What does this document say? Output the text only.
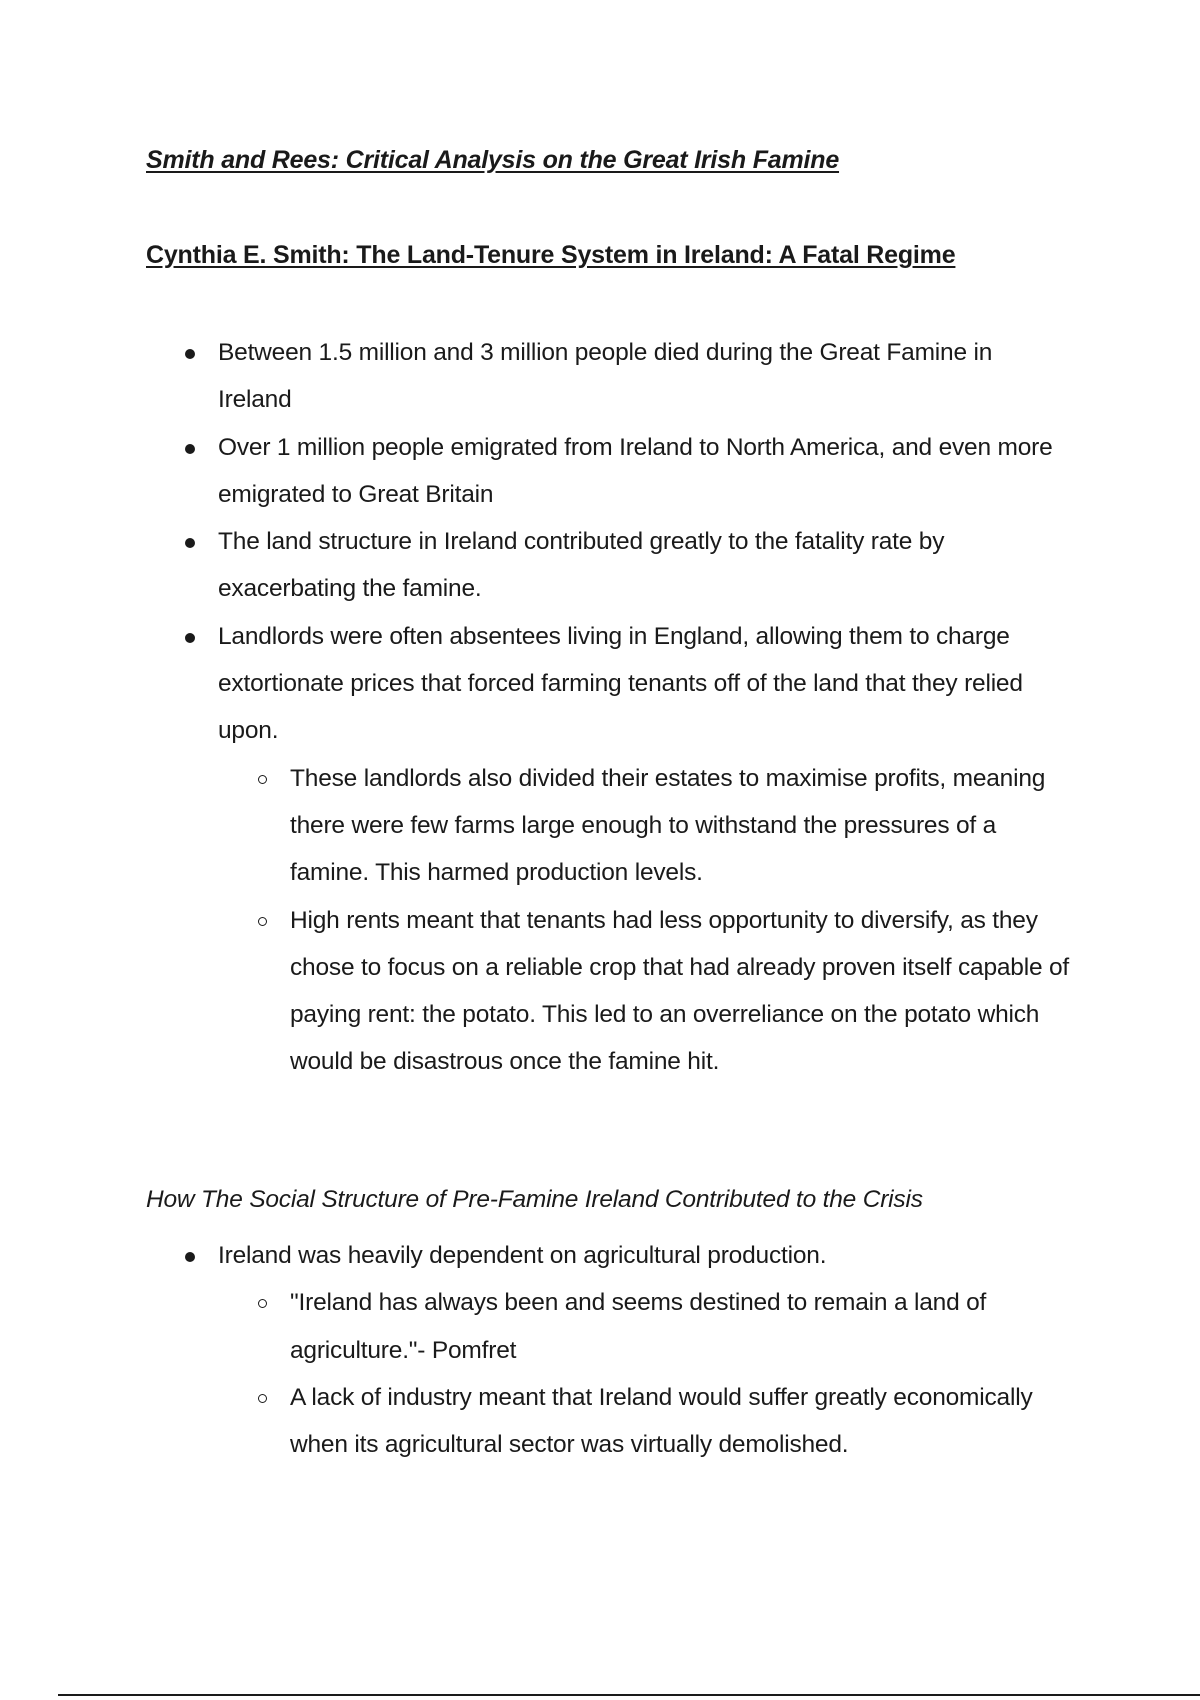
Smith and Rees: Critical Analysis on the Great Irish Famine
Cynthia E. Smith: The Land-Tenure System in Ireland: A Fatal Regime
Between 1.5 million and 3 million people died during the Great Famine in Ireland
Over 1 million people emigrated from Ireland to North America, and even more emigrated to Great Britain
The land structure in Ireland contributed greatly to the fatality rate by exacerbating the famine.
Landlords were often absentees living in England, allowing them to charge extortionate prices that forced farming tenants off of the land that they relied upon.
These landlords also divided their estates to maximise profits, meaning there were few farms large enough to withstand the pressures of a famine. This harmed production levels.
High rents meant that tenants had less opportunity to diversify, as they chose to focus on a reliable crop that had already proven itself capable of paying rent: the potato. This led to an overreliance on the potato which would be disastrous once the famine hit.
How The Social Structure of Pre-Famine Ireland Contributed to the Crisis
Ireland was heavily dependent on agricultural production.
"Ireland has always been and seems destined to remain a land of agriculture."- Pomfret
A lack of industry meant that Ireland would suffer greatly economically when its agricultural sector was virtually demolished.
